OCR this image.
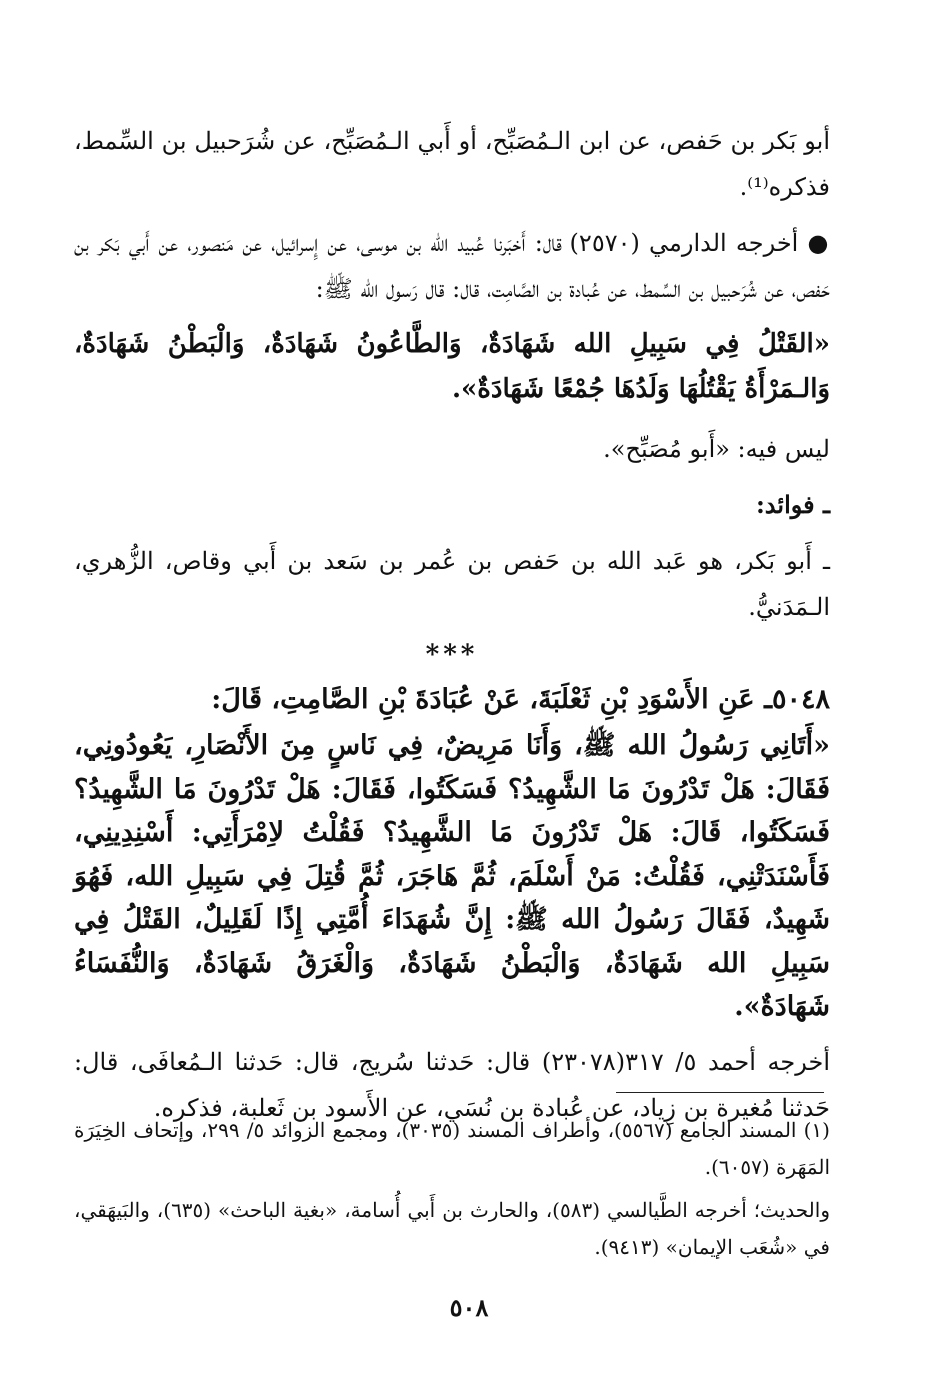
أبو بَكر بن حَفص، عن ابن الـمُصَبِّح، أو أَبي الـمُصَبِّح، عن شُرَحبيل بن السِّمط، فذكره⁽¹⁾.

● أخرجه الدارمي (٢٥٧٠) قال: أَخبَرنا عُبيد الله بن موسى، عن إِسرائيل، عن مَنصور، عن أَبي بَكر بن حَفص، عن شُرَحبيل بن السِّمط، عن عُبادة بن الصَّامِت، قال: قال رَسول الله ﷺ:

«القَتْلُ فِي سَبِيلِ الله شَهَادَةٌ، وَالطَّاعُونُ شَهَادَةٌ، وَالْبَطْنُ شَهَادَةٌ، وَالـمَرْأَةُ يَقْتُلُهَا وَلَدُهَا جُمْعًا شَهَادَةٌ».

ليس فيه: «أَبو مُصَبِّح».

ـ فوائد:

ـ أَبو بَكر، هو عَبد الله بن حَفص بن عُمر بن سَعد بن أَبي وقاص، الزُّهري، الـمَدَنيُّ.

***

٥٠٤٨ـ عَنِ الأَسْوَدِ بْنِ ثَعْلَبَةَ، عَنْ عُبَادَةَ بْنِ الصَّامِتِ، قَالَ:

«أَتَانِي رَسُولُ الله ﷺ، وَأَنَا مَرِيضٌ، فِي نَاسٍ مِنَ الأَنْصَارِ، يَعُودُونِي، فَقَالَ: هَلْ تَدْرُونَ مَا الشَّهِيدُ؟ فَسَكَتُوا، فَقَالَ: هَلْ تَدْرُونَ مَا الشَّهِيدُ؟ فَسَكَتُوا، قَالَ: هَلْ تَدْرُونَ مَا الشَّهِيدُ؟ فَقُلْتُ لاِمْرَأَتِي: أَسْنِدِينِي، فَأَسْنَدَتْنِي، فَقُلْتُ: مَنْ أَسْلَمَ، ثُمَّ هَاجَرَ، ثُمَّ قُتِلَ فِي سَبِيلِ الله، فَهُوَ شَهِيدٌ، فَقَالَ رَسُولُ الله ﷺ: إِنَّ شُهَدَاءَ أُمَّتِي إِذًا لَقَلِيلٌ، القَتْلُ فِي سَبِيلِ الله شَهَادَةٌ، وَالْبَطْنُ شَهَادَةٌ، وَالْغَرَقُ شَهَادَةٌ، وَالنُّفَسَاءُ شَهَادَةٌ».

أخرجه أحمد ٥/ ٣١٧(٢٣٠٧٨) قال: حَدثنا سُريج، قال: حَدثنا الـمُعافَى، قال: حَدثنا مُغيرة بن زِياد، عن عُبادة بن نُسَي، عن الأَسود بن ثَعلبة، فذكره.

(١) المسند الجامع (٥٥٦٧)، وأطراف المسند (٣٠٣٥)، ومجمع الزوائد ٥/ ٢٩٩، وإتحاف الخِيَرَة المَهَرة (٦٠٥٧).

والحديث؛ أخرجه الطَّيالسي (٥٨٣)، والحارث بن أَبي أُسامة، «بغية الباحث» (٦٣٥)، والبَيهَقي، في «شُعَب الإيمان» (٩٤١٣).

٥٠٨
